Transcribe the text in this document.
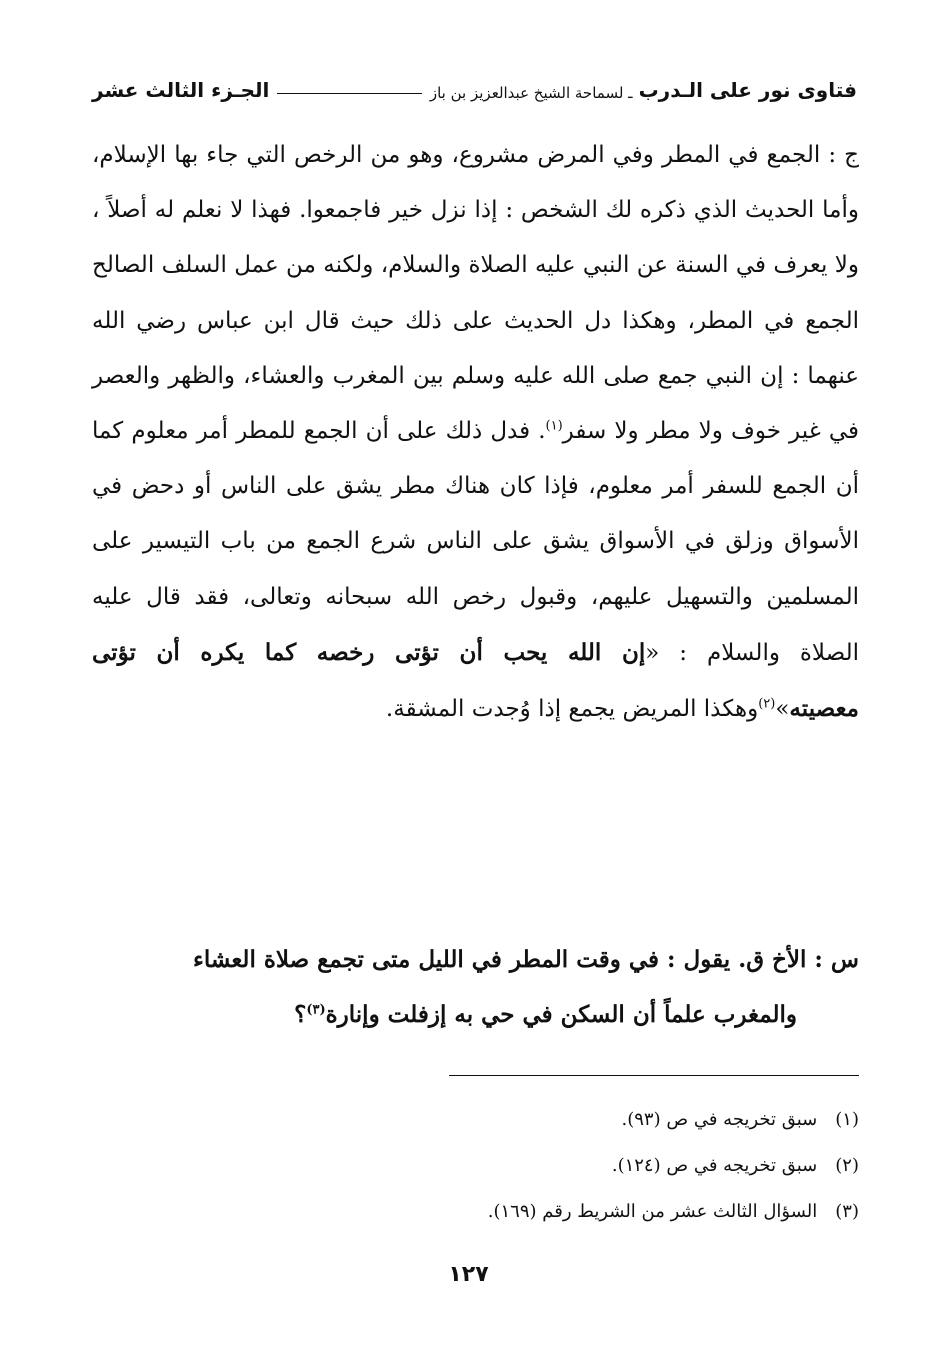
فتاوى نور على الـدرب
ـ لسماحة الشيخ عبدالعزيز بن باز
الجـزء الثالث عشر

ج : الجمع في المطر وفي المرض مشروع، وهو من الرخص التي جاء بها الإسلام، وأما الحديث الذي ذكره لك الشخص : إذا نزل خير فاجمعوا. فهذا لا نعلم له أصلاً ، ولا يعرف في السنة عن النبي عليه الصلاة والسلام، ولكنه من عمل السلف الصالح الجمع في المطر، وهكذا دل الحديث على ذلك حيث قال ابن عباس رضي الله عنهما : إن النبي جمع صلى الله عليه وسلم بين المغرب والعشاء، والظهر والعصر في غير خوف ولا مطر ولا سفر$^{(١)}$. فدل ذلك على أن الجمع للمطر أمر معلوم كما أن الجمع للسفر أمر معلوم، فإذا كان هناك مطر يشق على الناس أو دحض في الأسواق وزلق في الأسواق يشق على الناس شرع الجمع من باب التيسير على المسلمين والتسهيل عليهم، وقبول رخص الله سبحانه وتعالى، فقد قال عليه الصلاة والسلام : «إن الله يحب أن تؤتى رخصه كما يكره أن تؤتى معصيته»$^{(٢)}$وهكذا المريض يجمع إذا وُجدت المشقة.

س : الأخ ق. يقول : في وقت المطر في الليل متى تجمع صلاة العشاء
والمغرب علماً أن السكن في حي به إزفلت وإنارة$^{(٣)}$؟

(١) سبق تخريجه في ص (٩٣).
(٢) سبق تخريجه في ص (١٢٤).
(٣) السؤال الثالث عشر من الشريط رقم (١٦٩).
١٢٧
